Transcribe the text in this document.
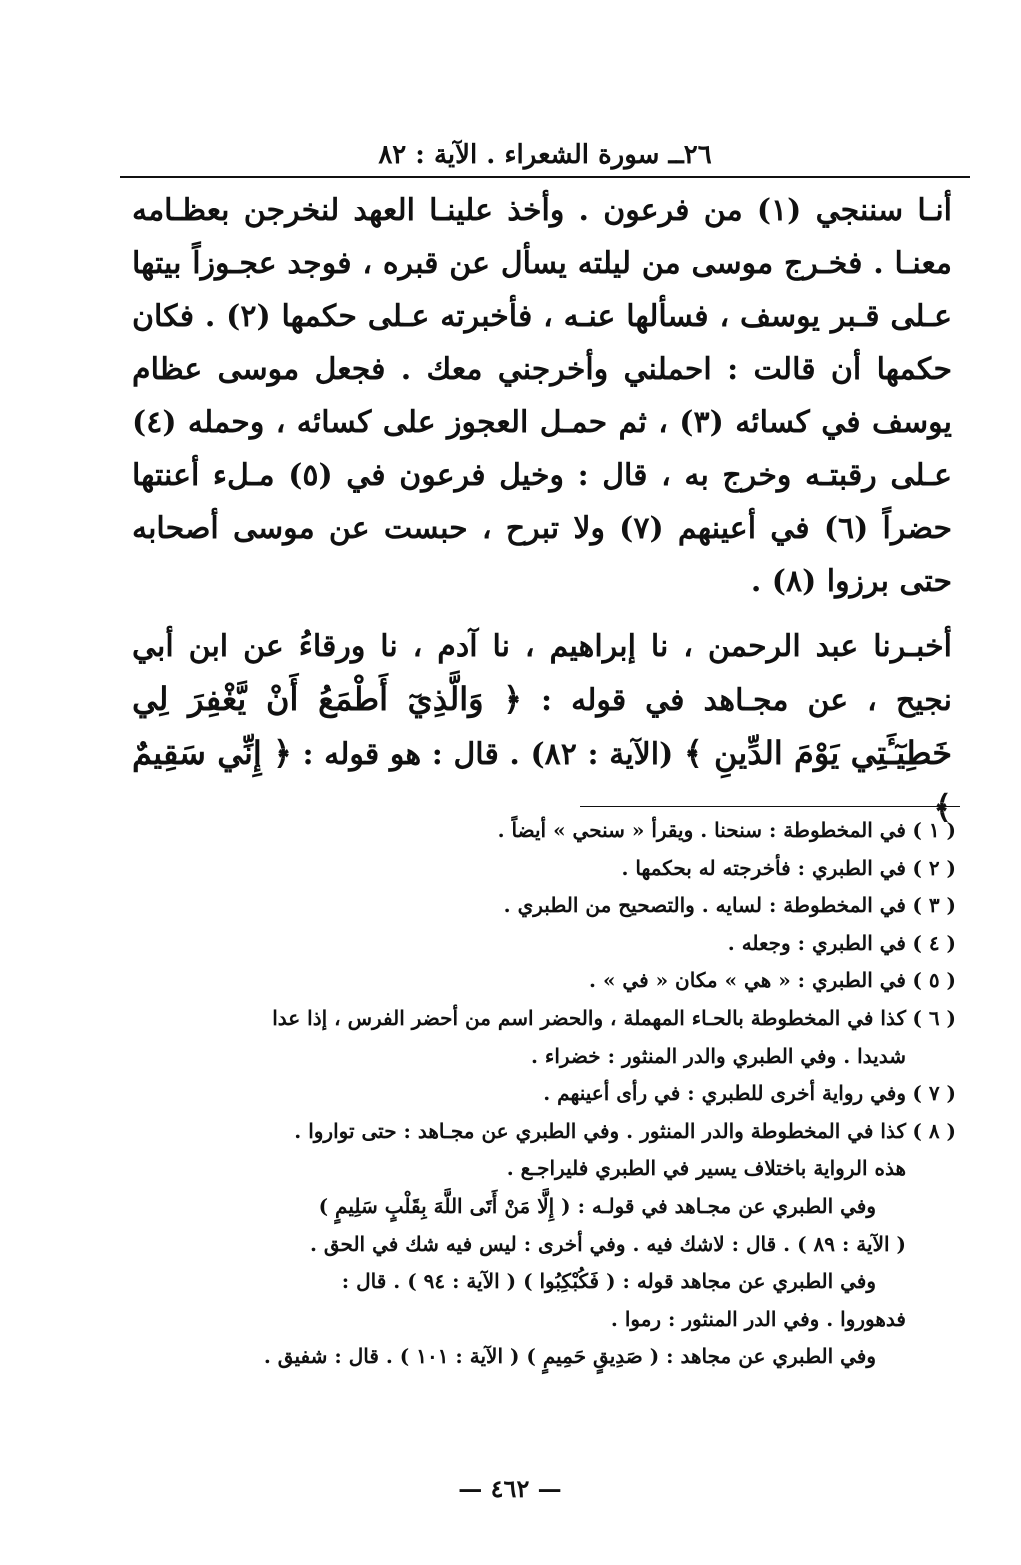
٢٦ــ سورة الشعراء . الآية : ٨٢

أنـا سننجي (١) من فرعون . وأخذ علينـا العهد لنخرجن بعظـامه معنـا . فخـرج موسى من ليلته يسأل عن قبره ، فوجد عجـوزاً بيتها عـلى قـبر يوسف ، فسألها عنـه ، فأخبرته عـلى حكمها (٢) . فكان حكمها أن قالت : احملني وأخرجني معك . فجعل موسى عظام يوسف في كسائه (٣) ، ثم حمـل العجوز على كسائه ، وحمله (٤) عـلى رقبتـه وخرج به ، قال : وخيل فرعون في (٥) مـلء أعنتها حضراً (٦) في أعينهم (٧) ولا تبرح ، حبست عن موسى أصحابه حتى برزوا (٨) .

أخبـرنا عبد الرحمن ، نا إبراهيم ، نا آدم ، نا ورقاءُ عن ابن أبي نجيح ، عن مجـاهد في قوله : ﴿ وَالَّذِيٓ أَطْمَعُ أَنْ يَّغْفِرَ لِي خَطِيٓـَٔتِي يَوْمَ الدِّينِ ﴾ (الآية : ٨٢) . قال : هو قوله : ﴿ إِنِّي سَقِيمٌ ﴾

( ١ )
في المخطوطة : سنحنا . ويقرأ « سنحي » أيضاً .
( ٢ )
في الطبري : فأخرجته له بحكمها .
( ٣ )
في المخطوطة : لسايه . والتصحيح من الطبري .
( ٤ )
في الطبري : وجعله .
( ٥ )
في الطبري : « هي » مكان « في » .
( ٦ )
كذا في المخطوطة بالحـاء المهملة ، والحضر اسم من أحضر الفرس ، إذا عدا
شديدا . وفي الطبري والدر المنثور : خضراء .
( ٧ )
وفي رواية أخرى للطبري : في رأى أعينهم .
( ٨ )
كذا في المخطوطة والدر المنثور . وفي الطبري عن مجـاهد : حتى تواروا .
هذه الرواية باختلاف يسير في الطبري فليراجـع .
وفي الطبري عن مجـاهد في قولـه : ( إِلَّا مَنْ أَتَى اللَّهَ بِقَلْبٍ سَلِيمٍ )
( الآية : ٨٩ ) . قال : لاشك فيه . وفي أخرى : ليس فيه شك في الحق .
وفي الطبري عن مجاهد قوله : ( فَكُبْكِبُوا ) ( الآية : ٩٤ ) . قال :
فدهوروا . وفي الدر المنثور : رموا .
وفي الطبري عن مجاهد : ( صَدِيقٍ حَمِيمٍ ) ( الآية : ١٠١ ) . قال : شفيق .
— ٤٦٢ —
